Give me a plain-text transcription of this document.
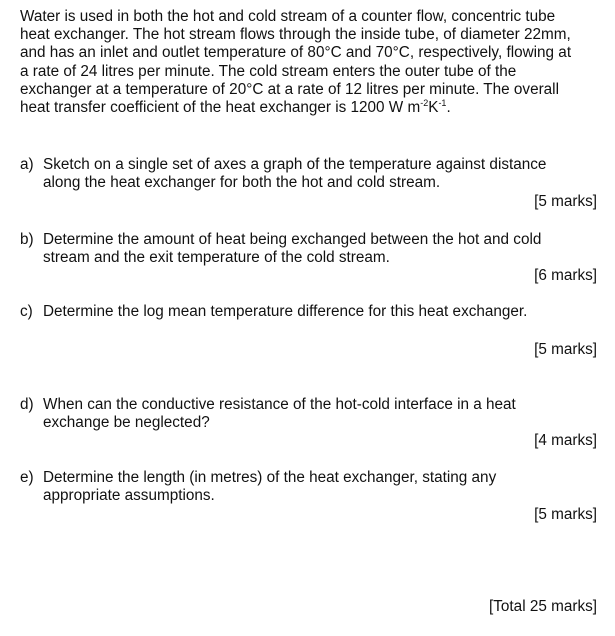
Water is used in both the hot and cold stream of a counter flow, concentric tube
heat exchanger. The hot stream flows through the inside tube, of diameter 22mm,
and has an inlet and outlet temperature of 80°C and 70°C, respectively, flowing at
a rate of 24 litres per minute. The cold stream enters the outer tube of the
exchanger at a temperature of 20°C at a rate of 12 litres per minute. The overall
heat transfer coefficient of the heat exchanger is 1200 W $m^{-2}K^{-1}$.
a) Sketch on a single set of axes a graph of the temperature against distance
along the heat exchanger for both the hot and cold stream.
[5 marks]
b) Determine the amount of heat being exchanged between the hot and cold
stream and the exit temperature of the cold stream.
[6 marks]
c) Determine the log mean temperature difference for this heat exchanger.
[5 marks]
d) When can the conductive resistance of the hot-cold interface in a heat
exchange be neglected?
[4 marks]
e) Determine the length (in metres) of the heat exchanger, stating any
appropriate assumptions.
[5 marks]
[Total 25 marks]
